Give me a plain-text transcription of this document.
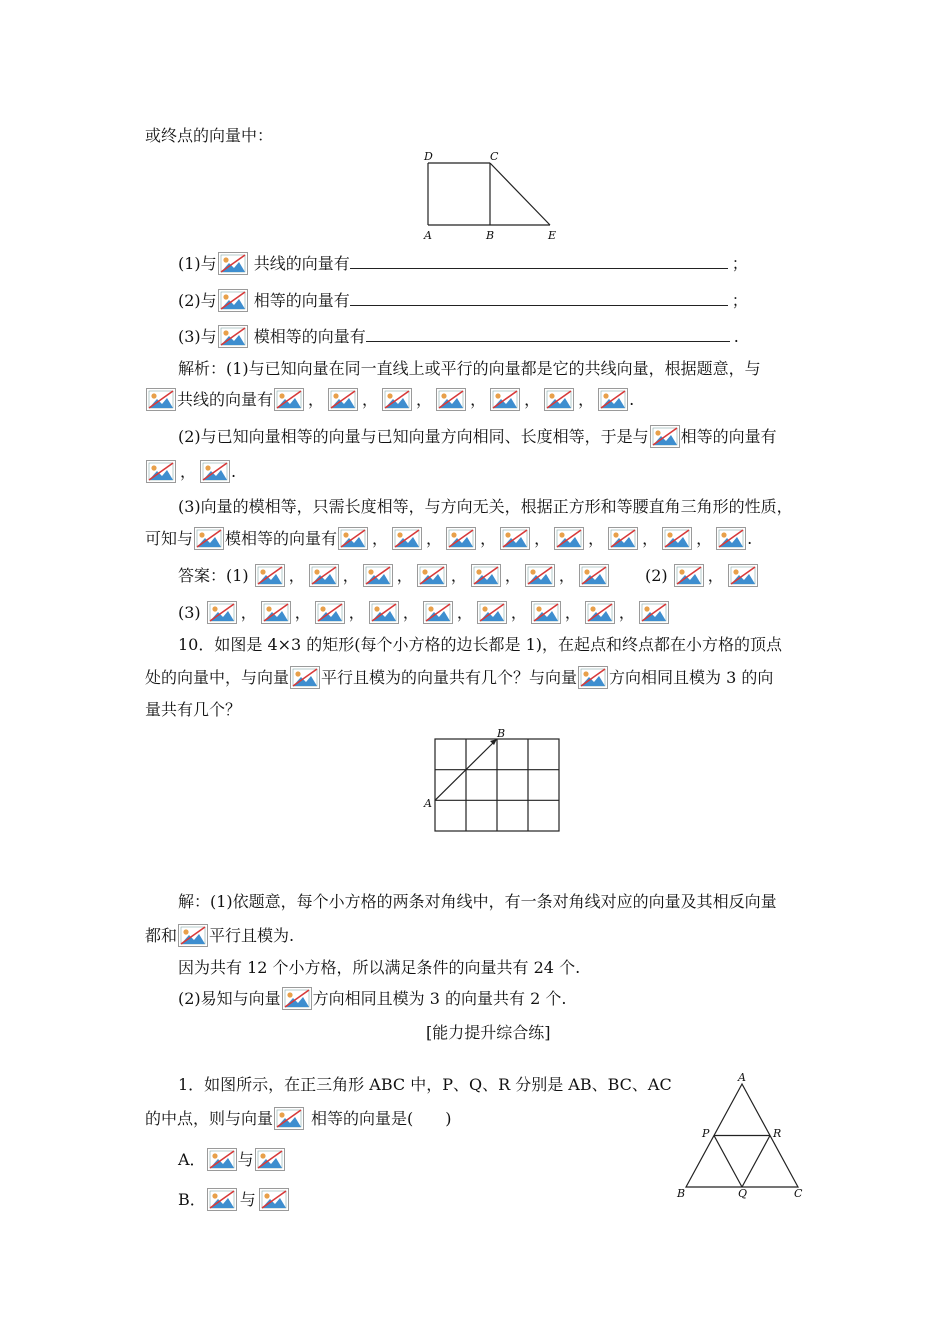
或终点的向量中：
D	C
A	B	E
(1)与 共线的向量有	；
(2)与 相等的向量有	；
(3)与 模相等的向量有	.
解析：(1)与已知向量在同一直线上或平行的向量都是它的共线向量，根据题意，与
共线的向量有 ， ， ， ， ， ， .
(2)与已知向量相等的向量与已知向量方向相同、长度相等，于是与 相等的向量有
， .
(3)向量的模相等，只需长度相等，与方向无关，根据正方形和等腰直角三角形的性质，
可知与 模相等的向量有 ， ， ， ， ， ， ， .
答案：(1)	， ， ， ， ， ，	(2)	，
(3)	， ， ， ， ， ， ， ，
10．如图是 4×3 的矩形(每个小方格的边长都是 1)，在起点和终点都在小方格的顶点
处的向量中，与向量 平行且模为的向量共有几个？与向量 方向相同且模为 3 的向
量共有几个？
A
B
解：(1)依题意，每个小方格的两条对角线中，有一条对角线对应的向量及其相反向量
都和 平行且模为.
因为共有 12 个小方格，所以满足条件的向量共有 24 个.
(2)易知与向量 方向相同且模为 3 的向量共有 2 个.
[能力提升综合练]
1．如图所示，在正三角形 ABC 中，P、Q、R 分别是 AB、BC、AC
的中点，则与向量 相等的向量是(　　)
A． 与
B． 与
A
P	R
B	Q	C
